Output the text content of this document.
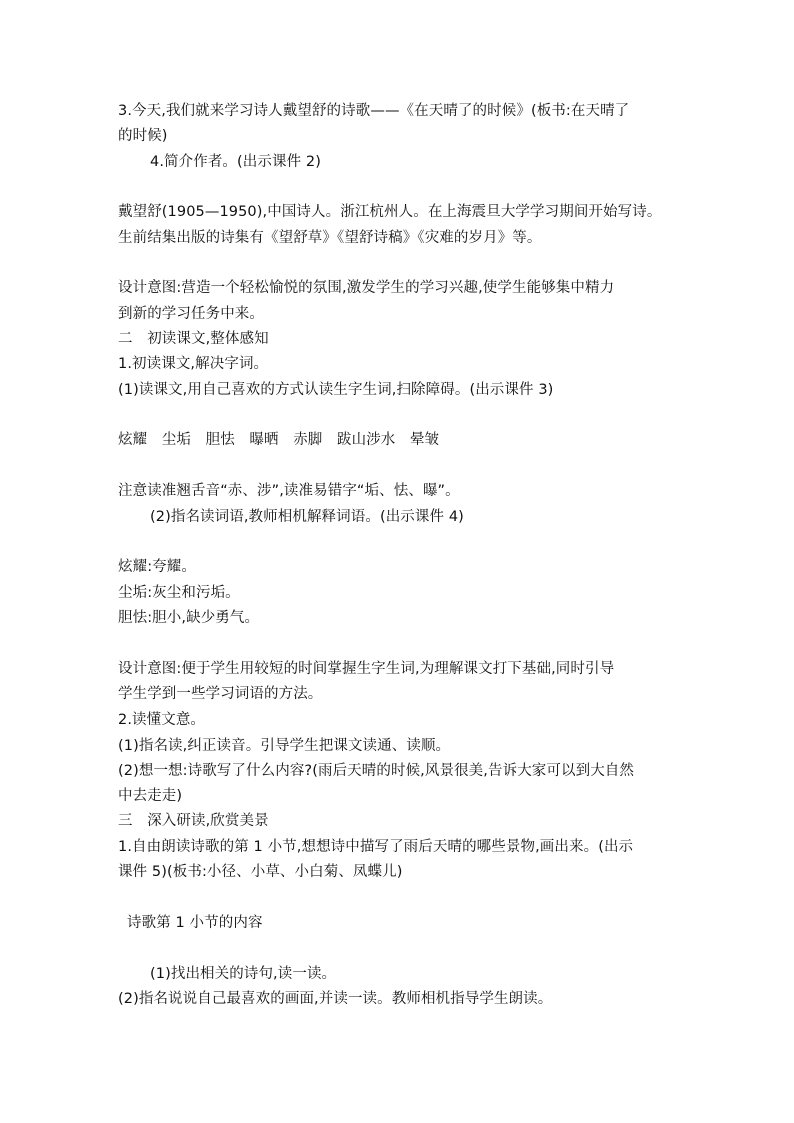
3.今天,我们就来学习诗人戴望舒的诗歌——《在天晴了的时候》(板书:在天晴了
的时候)
4.简介作者。(出示课件 2)
戴望舒(1905—1950),中国诗人。浙江杭州人。在上海震旦大学学习期间开始写诗。
生前结集出版的诗集有《望舒草》《望舒诗稿》《灾难的岁月》等。
设计意图:营造一个轻松愉悦的氛围,激发学生的学习兴趣,使学生能够集中精力
到新的学习任务中来。
二　初读课文,整体感知
1.初读课文,解决字词。
(1)读课文,用自己喜欢的方式认读生字生词,扫除障碍。(出示课件 3)
炫耀　尘垢　胆怯　曝晒　赤脚　跋山涉水　晕皱
注意读准翘舌音“赤、涉”,读准易错字“垢、怯、曝”。
(2)指名读词语,教师相机解释词语。(出示课件 4)
炫耀:夸耀。
尘垢:灰尘和污垢。
胆怯:胆小,缺少勇气。
设计意图:便于学生用较短的时间掌握生字生词,为理解课文打下基础,同时引导
学生学到一些学习词语的方法。
2.读懂文意。
(1)指名读,纠正读音。引导学生把课文读通、读顺。
(2)想一想:诗歌写了什么内容?(雨后天晴的时候,风景很美,告诉大家可以到大自然
中去走走)
三　深入研读,欣赏美景
1.自由朗读诗歌的第 1 小节,想想诗中描写了雨后天晴的哪些景物,画出来。(出示
课件 5)(板书:小径、小草、小白菊、凤蝶儿)
诗歌第 1 小节的内容
(1)找出相关的诗句,读一读。
(2)指名说说自己最喜欢的画面,并读一读。教师相机指导学生朗读。
